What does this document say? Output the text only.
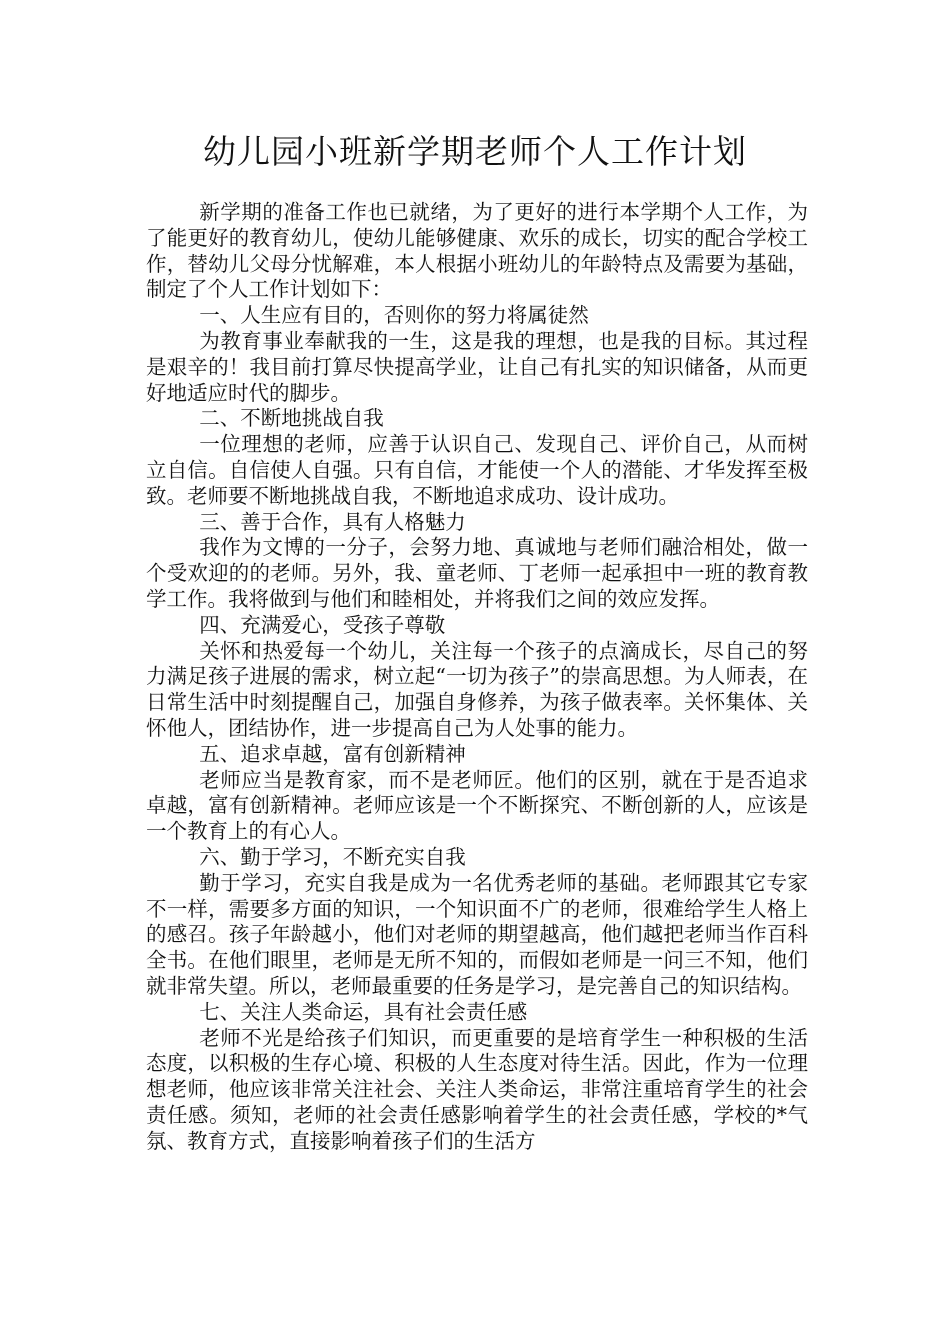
幼儿园小班新学期老师个人工作计划

新学期的准备工作也已就绪，为了更好的进行本学期个人工作，为了能更好的教育幼儿，使幼儿能够健康、欢乐的成长，切实的配合学校工作，替幼儿父母分忧解难，本人根据小班幼儿的年龄特点及需要为基础，制定了个人工作计划如下：

一、人生应有目的，否则你的努力将属徒然

为教育事业奉献我的一生，这是我的理想，也是我的目标。其过程是艰辛的！我目前打算尽快提高学业，让自己有扎实的知识储备，从而更好地适应时代的脚步。

二、不断地挑战自我

一位理想的老师，应善于认识自己、发现自己、评价自己，从而树立自信。自信使人自强。只有自信，才能使一个人的潜能、才华发挥至极致。老师要不断地挑战自我，不断地追求成功、设计成功。

三、善于合作，具有人格魅力

我作为文博的一分子，会努力地、真诚地与老师们融洽相处，做一个受欢迎的的老师。另外，我、童老师、丁老师一起承担中一班的教育教学工作。我将做到与他们和睦相处，并将我们之间的效应发挥。

四、充满爱心，受孩子尊敬

关怀和热爱每一个幼儿，关注每一个孩子的点滴成长，尽自己的努力满足孩子进展的需求，树立起“一切为孩子”的崇高思想。为人师表，在日常生活中时刻提醒自己，加强自身修养，为孩子做表率。关怀集体、关怀他人，团结协作，进一步提高自己为人处事的能力。

五、追求卓越，富有创新精神

老师应当是教育家，而不是老师匠。他们的区别，就在于是否追求卓越，富有创新精神。老师应该是一个不断探究、不断创新的人，应该是一个教育上的有心人。

六、勤于学习，不断充实自我

勤于学习，充实自我是成为一名优秀老师的基础。老师跟其它专家不一样，需要多方面的知识，一个知识面不广的老师，很难给学生人格上的感召。孩子年龄越小，他们对老师的期望越高，他们越把老师当作百科全书。在他们眼里，老师是无所不知的，而假如老师是一问三不知，他们就非常失望。所以，老师最重要的任务是学习，是完善自己的知识结构。

七、关注人类命运，具有社会责任感

老师不光是给孩子们知识，而更重要的是培育学生一种积极的生活态度，以积极的生存心境、积极的人生态度对待生活。因此，作为一位理想老师，他应该非常关注社会、关注人类命运，非常注重培育学生的社会责任感。须知，老师的社会责任感影响着学生的社会责任感，学校的*气氛、教育方式，直接影响着孩子们的生活方
